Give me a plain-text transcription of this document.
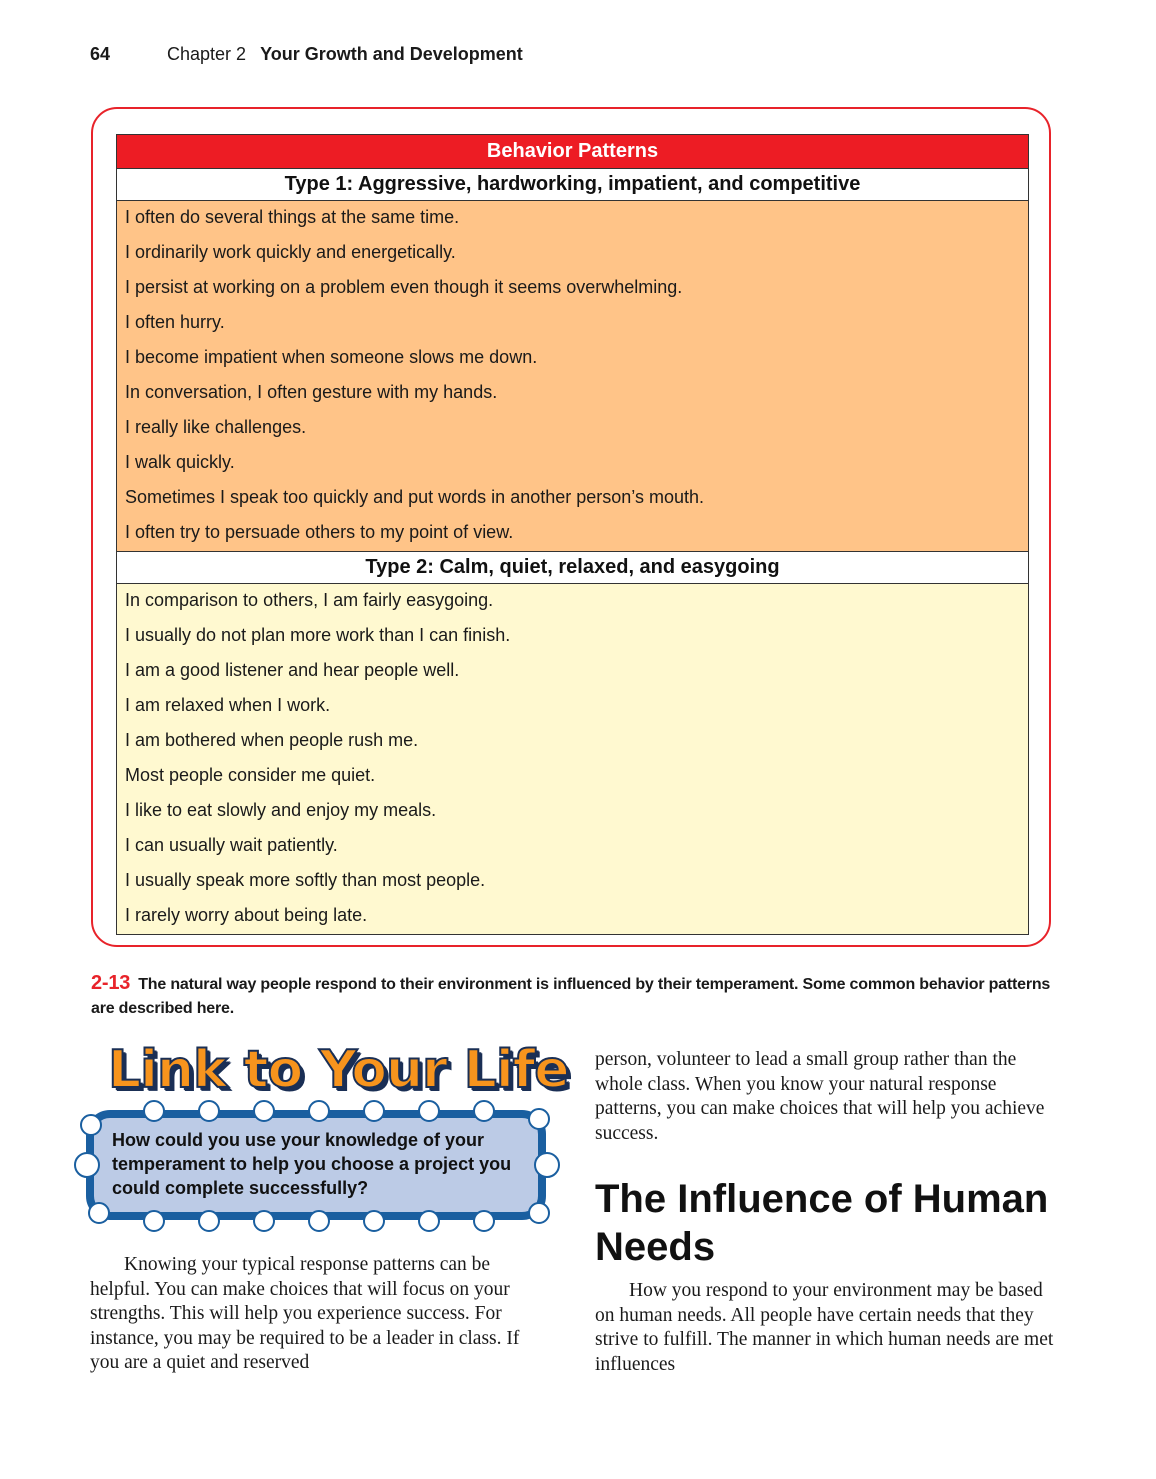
64	Chapter 2 Your Growth and Development
Behavior Patterns
Type 1: Aggressive, hardworking, impatient, and competitive
I often do several things at the same time.
I ordinarily work quickly and energetically.
I persist at working on a problem even though it seems overwhelming.
I often hurry.
I become impatient when someone slows me down.
In conversation, I often gesture with my hands.
I really like challenges.
I walk quickly.
Sometimes I speak too quickly and put words in another person’s mouth.
I often try to persuade others to my point of view.
Type 2: Calm, quiet, relaxed, and easygoing
In comparison to others, I am fairly easygoing.
I usually do not plan more work than I can finish.
I am a good listener and hear people well.
I am relaxed when I work.
I am bothered when people rush me.
Most people consider me quiet.
I like to eat slowly and enjoy my meals.
I can usually wait patiently.
I usually speak more softly than most people.
I rarely worry about being late.
2-13 The natural way people respond to their environment is influenced by their temperament. Some common behavior patterns are described here.
Link to Your Life
How could you use your knowledge of your temperament to help you choose a project you could complete successfully?
Knowing your typical response patterns can be helpful. You can make choices that will focus on your strengths. This will help you experience success. For instance, you may be required to be a leader in class. If you are a quiet and reserved
person, volunteer to lead a small group rather than the whole class. When you know your natural response patterns, you can make choices that will help you achieve success.
The Influence of Human Needs
How you respond to your environment may be based on human needs. All people have certain needs that they strive to fulfill. The manner in which human needs are met influences
